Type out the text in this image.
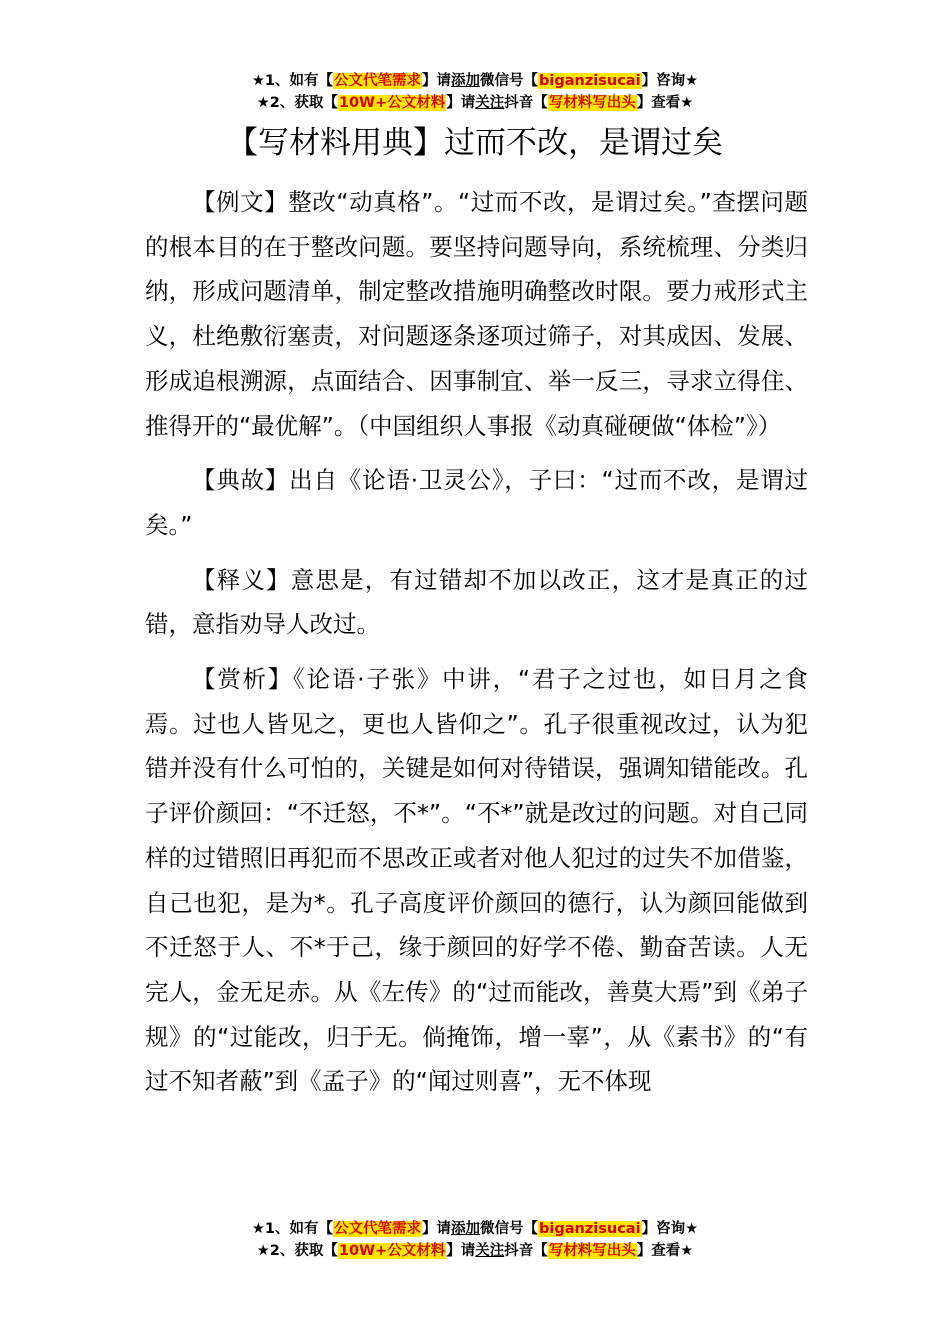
★1、如有【公文代笔需求】请添加微信号【biganzisucai】咨询★
★2、获取【10W+公文材料】请关注抖音【写材料写出头】查看★
【写材料用典】过而不改，是谓过矣

【例文】整改“动真格”。“过而不改，是谓过矣。”查摆问题的根本目的在于整改问题。要坚持问题导向，系统梳理、分类归纳，形成问题清单，制定整改措施明确整改时限。要力戒形式主义，杜绝敷衍塞责，对问题逐条逐项过筛子，对其成因、发展、形成追根溯源，点面结合、因事制宜、举一反三，寻求立得住、推得开的“最优解”。（中国组织人事报《动真碰硬做“体检”》）

【典故】出自《论语·卫灵公》，子曰：“过而不改，是谓过矣。”

【释义】意思是，有过错却不加以改正，这才是真正的过错，意指劝导人改过。

【赏析】《论语·子张》中讲，“君子之过也，如日月之食焉。过也人皆见之，更也人皆仰之”。孔子很重视改过，认为犯错并没有什么可怕的，关键是如何对待错误，强调知错能改。孔子评价颜回：“不迁怒，不*”。“不*”就是改过的问题。对自己同样的过错照旧再犯而不思改正或者对他人犯过的过失不加借鉴，自己也犯，是为*。孔子高度评价颜回的德行，认为颜回能做到不迁怒于人、不*于己，缘于颜回的好学不倦、勤奋苦读。人无完人，金无足赤。从《左传》的“过而能改，善莫大焉”到《弟子规》的“过能改，归于无。倘掩饰，增一辜”，从《素书》的“有过不知者蔽”到《孟子》的“闻过则喜”，无不体现

★1、如有【公文代笔需求】请添加微信号【biganzisucai】咨询★
★2、获取【10W+公文材料】请关注抖音【写材料写出头】查看★
